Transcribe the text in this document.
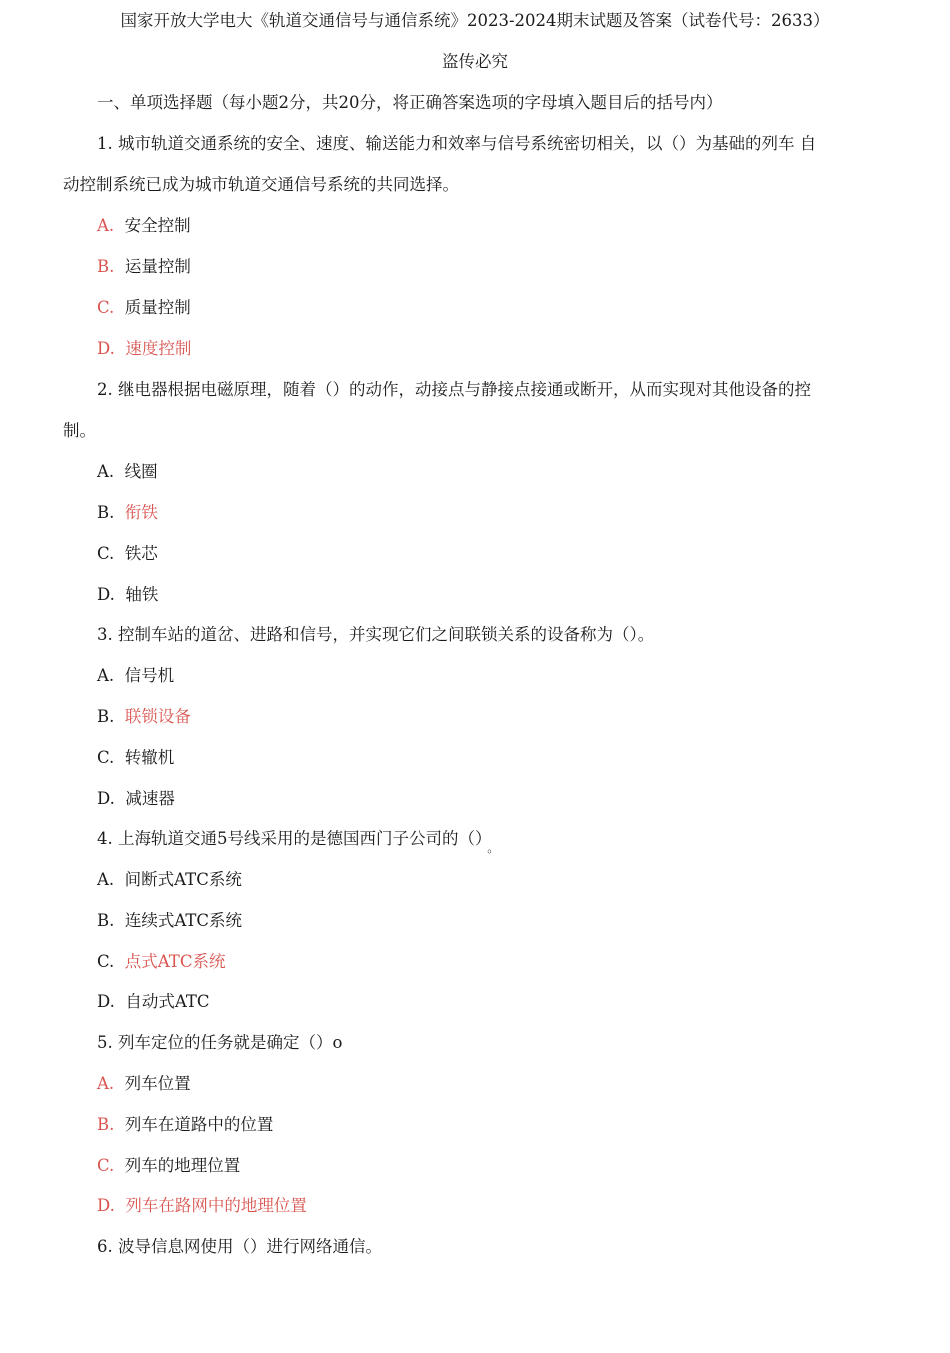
国家开放大学电大《轨道交通信号与通信系统》2023-2024期末试题及答案（试卷代号：2633）
盗传必究
一、单项选择题（每小题2分，共20分，将正确答案选项的字母填入题目后的括号内）
1. 城市轨道交通系统的安全、速度、输送能力和效率与信号系统密切相关，以（）为基础的列车 自
动控制系统已成为城市轨道交通信号系统的共同选择。
A. 安全控制
B. 运量控制
C. 质量控制
D. 速度控制
2. 继电器根据电磁原理，随着（）的动作，动接点与静接点接通或断开，从而实现对其他设备的控
制。
A. 线圈
B. 衔铁
C. 铁芯
D. 轴铁
3. 控制车站的道岔、进路和信号，并实现它们之间联锁关系的设备称为（）。
A. 信号机
B. 联锁设备
C. 转辙机
D. 减速器
4. 上海轨道交通5号线采用的是德国西门子公司的（） $_。$
A. 间断式ATC系统
B. 连续式ATC系统
C. 点式ATC系统
D. 自动式ATC
5. 列车定位的任务就是确定（）o
A. 列车位置
B. 列车在道路中的位置
C. 列车的地理位置
D. 列车在路网中的地理位置
6. 波导信息网使用（）进行网络通信。
